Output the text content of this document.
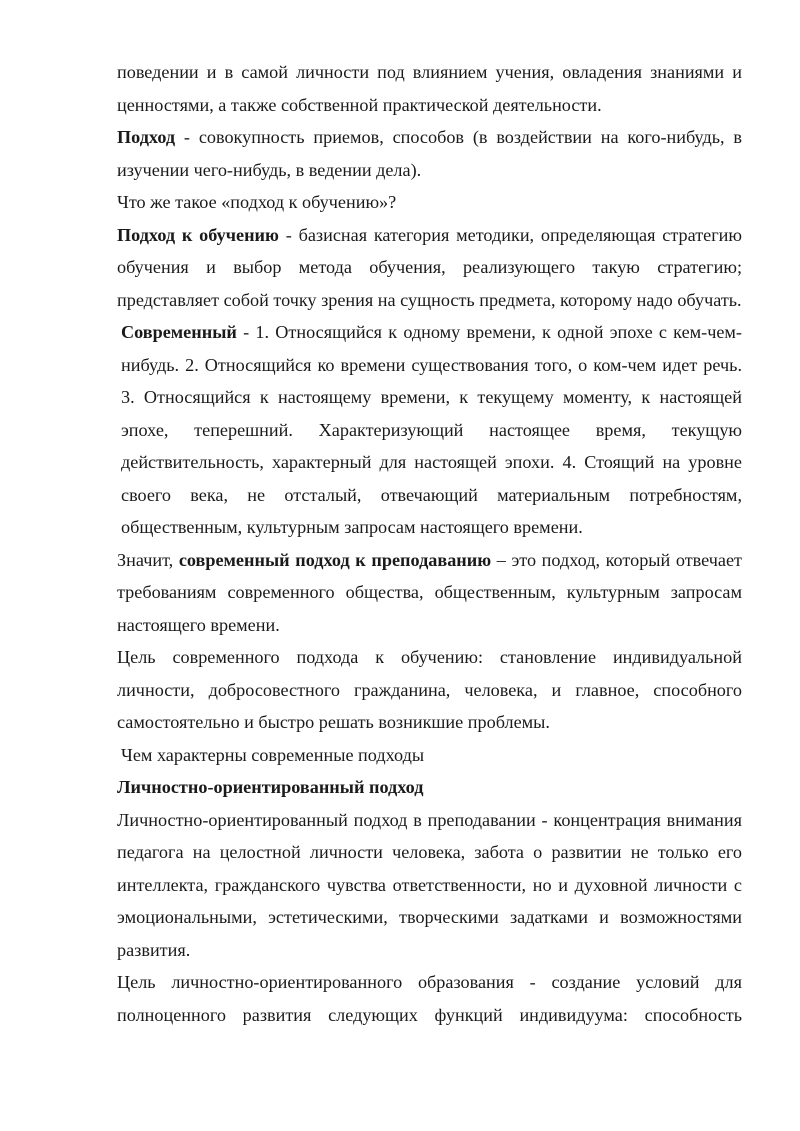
поведении и в самой личности под влиянием учения, овладения знаниями и ценностями, а также собственной практической деятельности.

Подход - совокупность приемов, способов (в воздействии на кого-нибудь, в изучении чего-нибудь, в ведении дела).

Что же такое «подход к обучению»?

Подход к обучению - базисная категория методики, определяющая стратегию обучения и выбор метода обучения, реализующего такую стратегию; представляет собой точку зрения на сущность предмета, которому надо обучать.

Современный - 1. Относящийся к одному времени, к одной эпохе с кем-чем-нибудь. 2. Относящийся ко времени существования того, о ком-чем идет речь. 3. Относящийся к настоящему времени, к текущему моменту, к настоящей эпохе, теперешний. Характеризующий настоящее время, текущую действительность, характерный для настоящей эпохи. 4. Стоящий на уровне своего века, не отсталый, отвечающий материальным потребностям, общественным, культурным запросам настоящего времени.

Значит, современный подход к преподаванию – это подход, который отвечает требованиям современного общества, общественным, культурным запросам настоящего времени.

Цель современного подхода к обучению: становление индивидуальной личности, добросовестного гражданина, человека, и главное, способного самостоятельно и быстро решать возникшие проблемы.

Чем характерны современные подходы

Личностно-ориентированный подход

Личностно-ориентированный подход в преподавании - концентрация внимания педагога на целостной личности человека, забота о развитии не только его интеллекта, гражданского чувства ответственности, но и духовной личности с эмоциональными, эстетическими, творческими задатками и возможностями развития.

Цель личностно-ориентированного образования - создание условий для полноценного развития следующих функций индивидуума: способность
